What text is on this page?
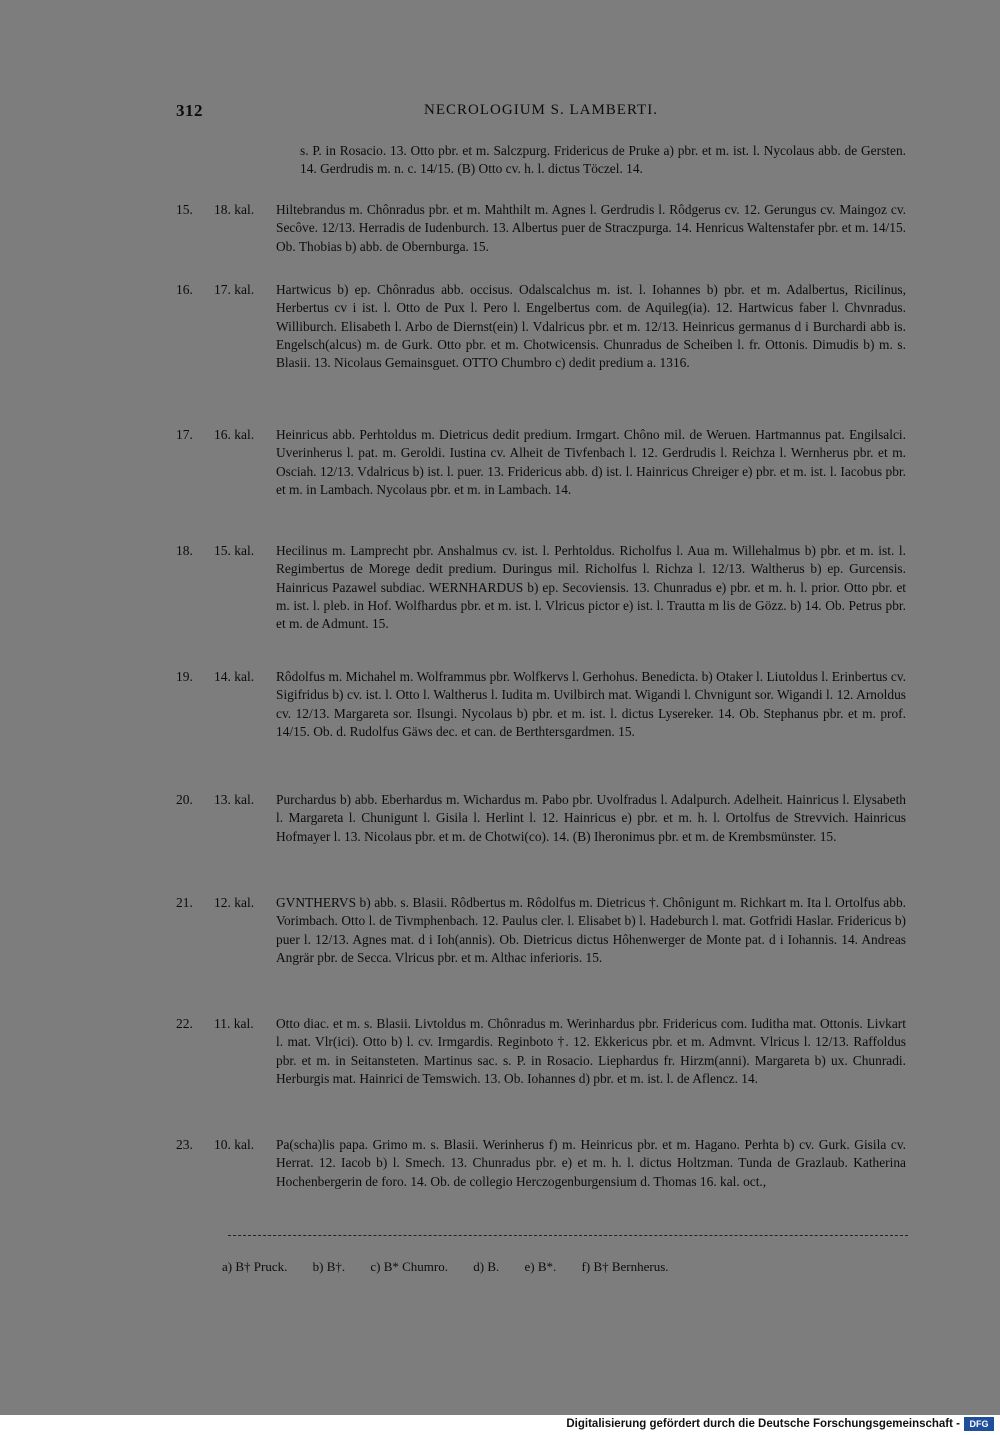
312	NECROLOGIUM S. LAMBERTI.
s. P. in Rosacio. 13. Otto pbr. et m. Salczpurg. Fridericus de Pruke a) pbr. et m. ist. l. Nycolaus abb. de Gersten. 14. Gerdrudis m. n. c. 14/15. (B) Otto cv. h. l. dictus Töczel. 14.
15.	18. kal.	Hiltebrandus m. Chônradus pbr. et m. Mahthilt m. Agnes l. Gerdrudis l. Rôdgerus cv. 12. Gerungus cv. Maingoz cv. Secôve. 12/13. Herradis de Iudenburch. 13. Albertus puer de Straczpurga. 14. Henricus Waltenstafer pbr. et m. 14/15. Ob. Thobias b) abb. de Obernburga. 15.
16.	17. kal.	Hartwicus b) ep. Chônradus abb. occisus. Odalscalchus m. ist. l. Iohannes b) pbr. et m. Adalbertus, Ricilinus, Herbertus cv i ist. l. Otto de Pux l. Pero l. Engelbertus com. de Aquileg(ia). 12. Hartwicus faber l. Chvnradus. Williburch. Elisabeth l. Arbo de Diernst(ein) l. Vdalricus pbr. et m. 12/13. Heinricus germanus d i Burchardi abb is. Engelsch(alcus) m. de Gurk. Otto pbr. et m. Chotwicensis. Chunradus de Scheiben l. fr. Ottonis. Dimudis b) m. s. Blasii. 13. Nicolaus Gemainsguet. OTTO Chumbro c) dedit predium a. 1316.
17.	16. kal.	Heinricus abb. Perhtoldus m. Dietricus dedit predium. Irmgart. Chôno mil. de Weruen. Hartmannus pat. Engilsalci. Uverinherus l. pat. m. Geroldi. Iustina cv. Alheit de Tivfenbach l. 12. Gerdrudis l. Reichza l. Wernherus pbr. et m. Osciah. 12/13. Vdalricus b) ist. l. puer. 13. Fridericus abb. d) ist. l. Hainricus Chreiger e) pbr. et m. ist. l. Iacobus pbr. et m. in Lambach. Nycolaus pbr. et m. in Lambach. 14.
18.	15. kal.	Hecilinus m. Lamprecht pbr. Anshalmus cv. ist. l. Perhtoldus. Richolfus l. Aua m. Willehalmus b) pbr. et m. ist. l. Regimbertus de Morege dedit predium. Duringus mil. Richolfus l. Richza l. 12/13. Waltherus b) ep. Gurcensis. Hainricus Pazawel subdiac. WERNHARDUS b) ep. Secoviensis. 13. Chunradus e) pbr. et m. h. l. prior. Otto pbr. et m. ist. l. pleb. in Hof. Wolfhardus pbr. et m. ist. l. Vlricus pictor e) ist. l. Trautta m lis de Gözz. b) 14. Ob. Petrus pbr. et m. de Admunt. 15.
19.	14. kal.	Rôdolfus m. Michahel m. Wolframmus pbr. Wolfkervs l. Gerhohus. Benedicta. b) Otaker l. Liutoldus l. Erinbertus cv. Sigifridus b) cv. ist. l. Otto l. Waltherus l. Iudita m. Uvilbirch mat. Wigandi l. Chvnigunt sor. Wigandi l. 12. Arnoldus cv. 12/13. Margareta sor. Ilsungi. Nycolaus b) pbr. et m. ist. l. dictus Lysereker. 14. Ob. Stephanus pbr. et m. prof. 14/15. Ob. d. Rudolfus Gäws dec. et can. de Berthtersgardmen. 15.
20.	13. kal.	Purchardus b) abb. Eberhardus m. Wichardus m. Pabo pbr. Uvolfradus l. Adalpurch. Adelheit. Hainricus l. Elysabeth l. Margareta l. Chunigunt l. Gisila l. Herlint l. 12. Hainricus e) pbr. et m. h. l. Ortolfus de Strevvich. Hainricus Hofmayer l. 13. Nicolaus pbr. et m. de Chotwi(co). 14. (B) Iheronimus pbr. et m. de Krembsmünster. 15.
21.	12. kal.	GVNTHERVS b) abb. s. Blasii. Rôdbertus m. Rôdolfus m. Dietricus †. Chônigunt m. Richkart m. Ita l. Ortolfus abb. Vorimbach. Otto l. de Tivmphenbach. 12. Paulus cler. l. Elisabet b) l. Hadeburch l. mat. Gotfridi Haslar. Fridericus b) puer l. 12/13. Agnes mat. d i Ioh(annis). Ob. Dietricus dictus Hôhenwerger de Monte pat. d i Iohannis. 14. Andreas Angrär pbr. de Secca. Vlricus pbr. et m. Althac inferioris. 15.
22.	11. kal.	Otto diac. et m. s. Blasii. Livtoldus m. Chônradus m. Werinhardus pbr. Fridericus com. Iuditha mat. Ottonis. Livkart l. mat. Vlr(ici). Otto b) l. cv. Irmgardis. Reginboto †. 12. Ekkericus pbr. et m. Admvnt. Vlricus l. 12/13. Raffoldus pbr. et m. in Seitansteten. Martinus sac. s. P. in Rosacio. Liephardus fr. Hirzm(anni). Margareta b) ux. Chunradi. Herburgis mat. Hainrici de Temswich. 13. Ob. Iohannes d) pbr. et m. ist. l. de Aflencz. 14.
23.	10. kal.	Pa(scha)lis papa. Grimo m. s. Blasii. Werinherus f) m. Heinricus pbr. et m. Hagano. Perhta b) cv. Gurk. Gisila cv. Herrat. 12. Iacob b) l. Smech. 13. Chunradus pbr. e) et m. h. l. dictus Holtzman. Tunda de Grazlaub. Katherina Hochenbergerin de foro. 14. Ob. de collegio Herczogenburgensium d. Thomas 16. kal. oct.,
a) B† Pruck. b) B†. c) B* Chumro. d) B. e) B*. f) B† Bernherus.
Digitalisierung gefördert durch die Deutsche Forschungsgemeinschaft -	DFG
